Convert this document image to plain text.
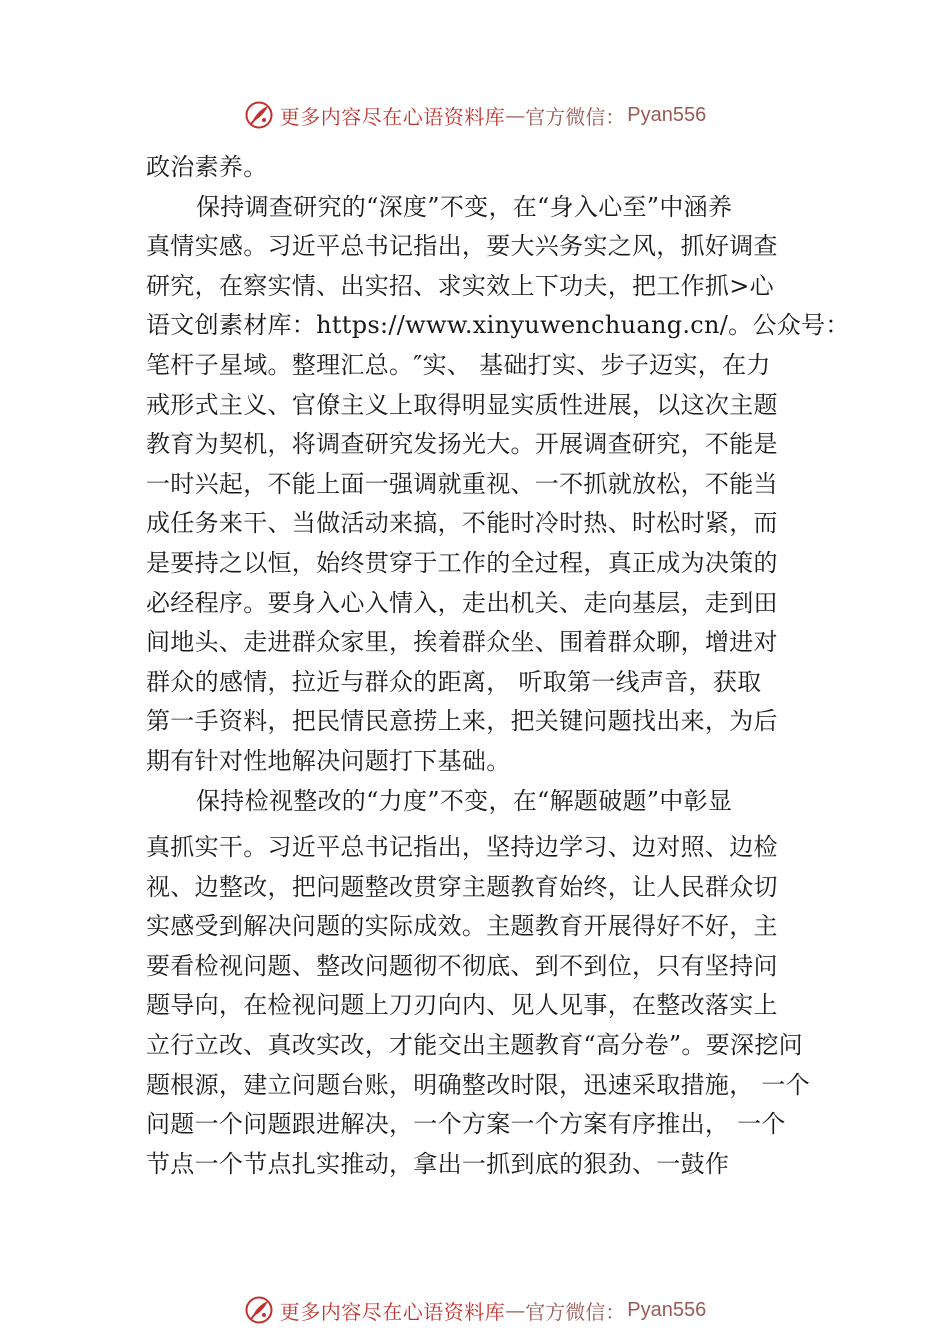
更多内容尽在心语资料库 — 官方微信： Pyan556
政治素养。
保持调查研究的“深度”不变，在“身入心至”中涵养
真情实感。习近平总书记指出，要大兴务实之风，抓好调查
研究，在察实情、出实招、求实效上下功夫，把工作抓>心
语文创素材库：https://www.xinyuwenchuang.cn/。公众号：
笔杆子星域。整理汇总。″实、 基础打实、步子迈实，在力
戒形式主义、官僚主义上取得明显实质性进展，以这次主题
教育为契机，将调查研究发扬光大。开展调查研究，不能是
一时兴起，不能上面一强调就重视、一不抓就放松，不能当
成任务来干、当做活动来搞，不能时冷时热、时松时紧，而
是要持之以恒，始终贯穿于工作的全过程，真正成为决策的
必经程序。要身入心入情入，走出机关、走向基层，走到田
间地头、走进群众家里，挨着群众坐、围着群众聊，增进对
群众的感情，拉近与群众的距离， 听取第一线声音，获取
第一手资料，把民情民意捞上来，把关键问题找出来，为后
期有针对性地解决问题打下基础。
保持检视整改的“力度”不变，在“解题破题”中彰显
真抓实干。习近平总书记指出，坚持边学习、边对照、边检
视、边整改，把问题整改贯穿主题教育始终，让人民群众切
实感受到解决问题的实际成效。主题教育开展得好不好，主
要看检视问题、整改问题彻不彻底、到不到位，只有坚持问
题导向，在检视问题上刀刃向内、见人见事，在整改落实上
立行立改、真改实改，才能交出主题教育“高分卷”。要深挖问
题根源，建立问题台账，明确整改时限，迅速采取措施， 一个
问题一个问题跟进解决，一个方案一个方案有序推出， 一个
节点一个节点扎实推动，拿出一抓到底的狠劲、一鼓作
更多内容尽在心语资料库 — 官方微信： Pyan556
